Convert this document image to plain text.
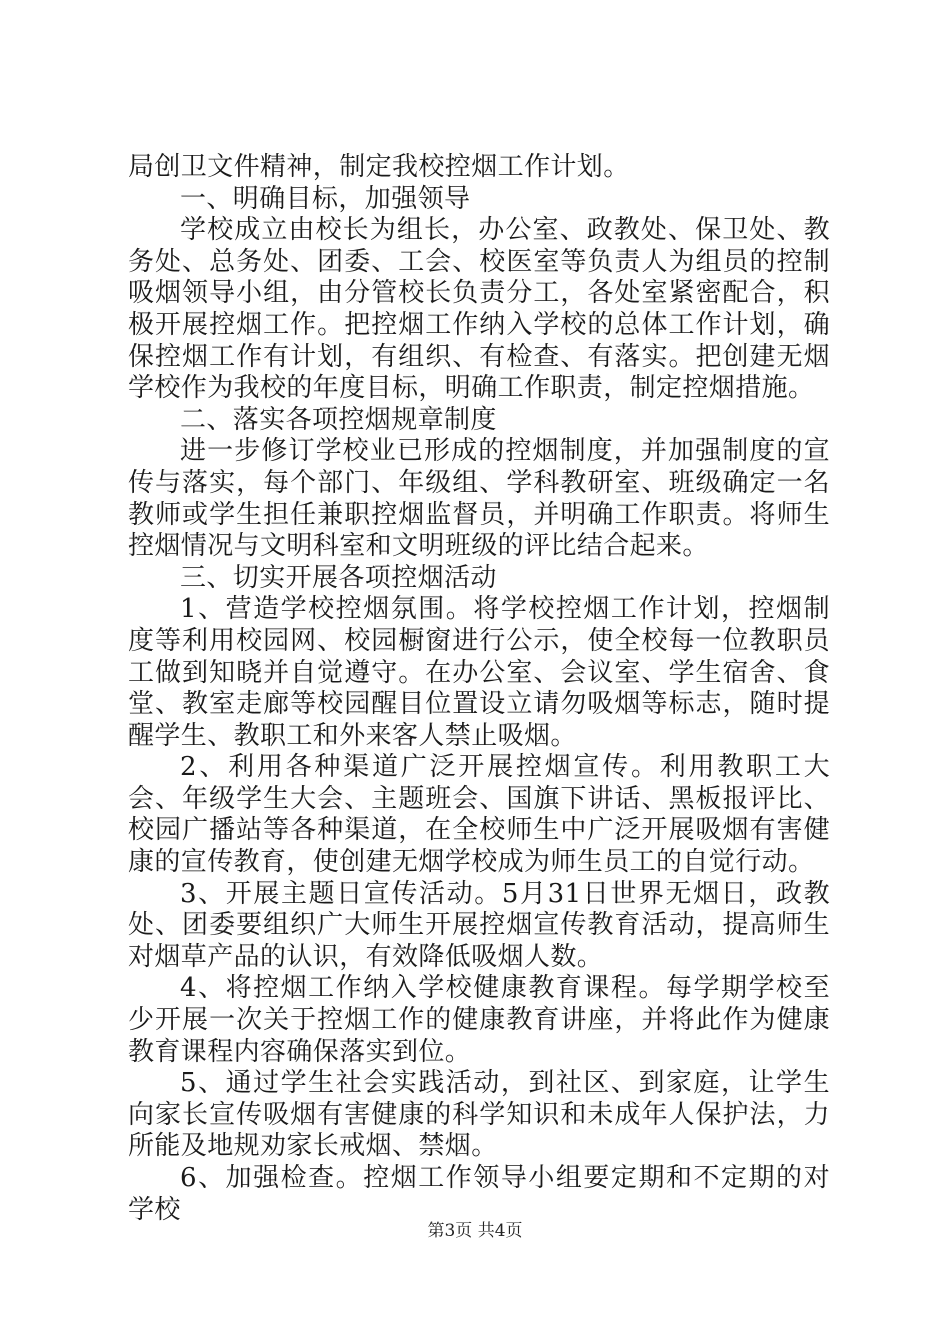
局创卫文件精神，制定我校控烟工作计划。

一、明确目标，加强领导

学校成立由校长为组长，办公室、政教处、保卫处、教务处、总务处、团委、工会、校医室等负责人为组员的控制吸烟领导小组，由分管校长负责分工，各处室紧密配合，积极开展控烟工作。把控烟工作纳入学校的总体工作计划，确保控烟工作有计划，有组织、有检查、有落实。把创建无烟学校作为我校的年度目标，明确工作职责，制定控烟措施。

二、落实各项控烟规章制度

进一步修订学校业已形成的控烟制度，并加强制度的宣传与落实，每个部门、年级组、学科教研室、班级确定一名教师或学生担任兼职控烟监督员，并明确工作职责。将师生控烟情况与文明科室和文明班级的评比结合起来。

三、切实开展各项控烟活动

1、营造学校控烟氛围。将学校控烟工作计划，控烟制度等利用校园网、校园橱窗进行公示，使全校每一位教职员工做到知晓并自觉遵守。在办公室、会议室、学生宿舍、食堂、教室走廊等校园醒目位置设立请勿吸烟等标志，随时提醒学生、教职工和外来客人禁止吸烟。

2、利用各种渠道广泛开展控烟宣传。利用教职工大会、年级学生大会、主题班会、国旗下讲话、黑板报评比、校园广播站等各种渠道，在全校师生中广泛开展吸烟有害健康的宣传教育，使创建无烟学校成为师生员工的自觉行动。

3、开展主题日宣传活动。5月31日世界无烟日，政教处、团委要组织广大师生开展控烟宣传教育活动，提高师生对烟草产品的认识，有效降低吸烟人数。

4、将控烟工作纳入学校健康教育课程。每学期学校至少开展一次关于控烟工作的健康教育讲座，并将此作为健康教育课程内容确保落实到位。

5、通过学生社会实践活动，到社区、到家庭，让学生向家长宣传吸烟有害健康的科学知识和未成年人保护法，力所能及地规劝家长戒烟、禁烟。

6、加强检查。控烟工作领导小组要定期和不定期的对学校

第3页 共4页
